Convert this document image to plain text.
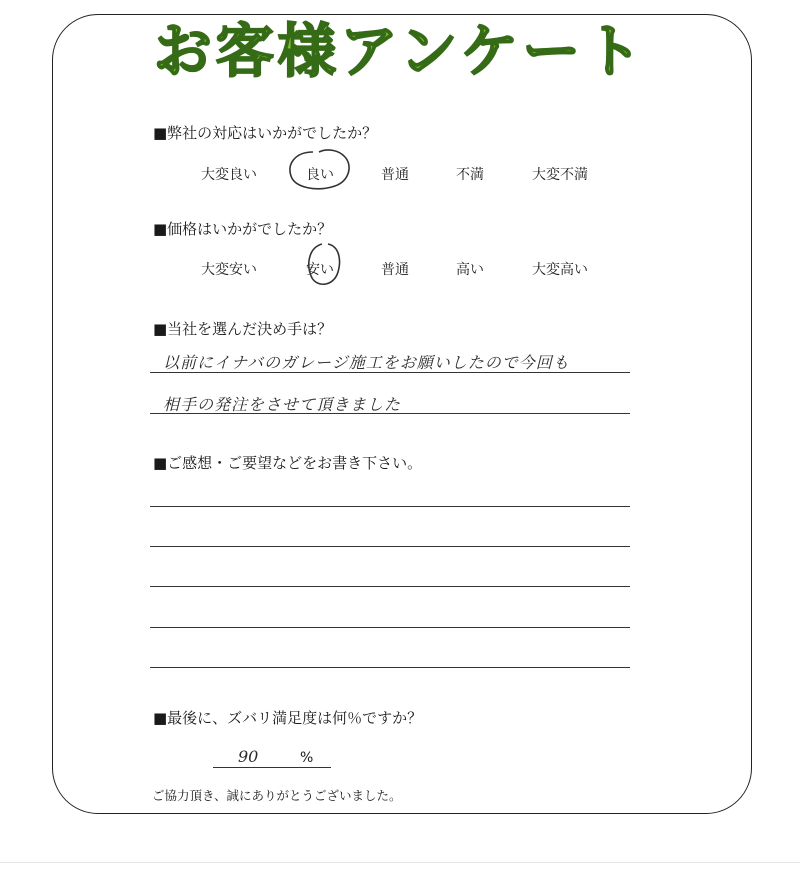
お客様アンケート
■弊社の対応はいかがでしたか？
大変良い	良い	普通	不満	大変不満
■価格はいかがでしたか？
大変安い	安い	普通	高い	大変高い
■当社を選んだ決め手は？
以前にイナバのガレージ施工をお願いしたので今回も
相手の発注をさせて頂きました
■ご感想・ご要望などをお書き下さい。
■最後に、ズバリ満足度は何％ですか？
90	%
ご協力頂き、誠にありがとうございました。
